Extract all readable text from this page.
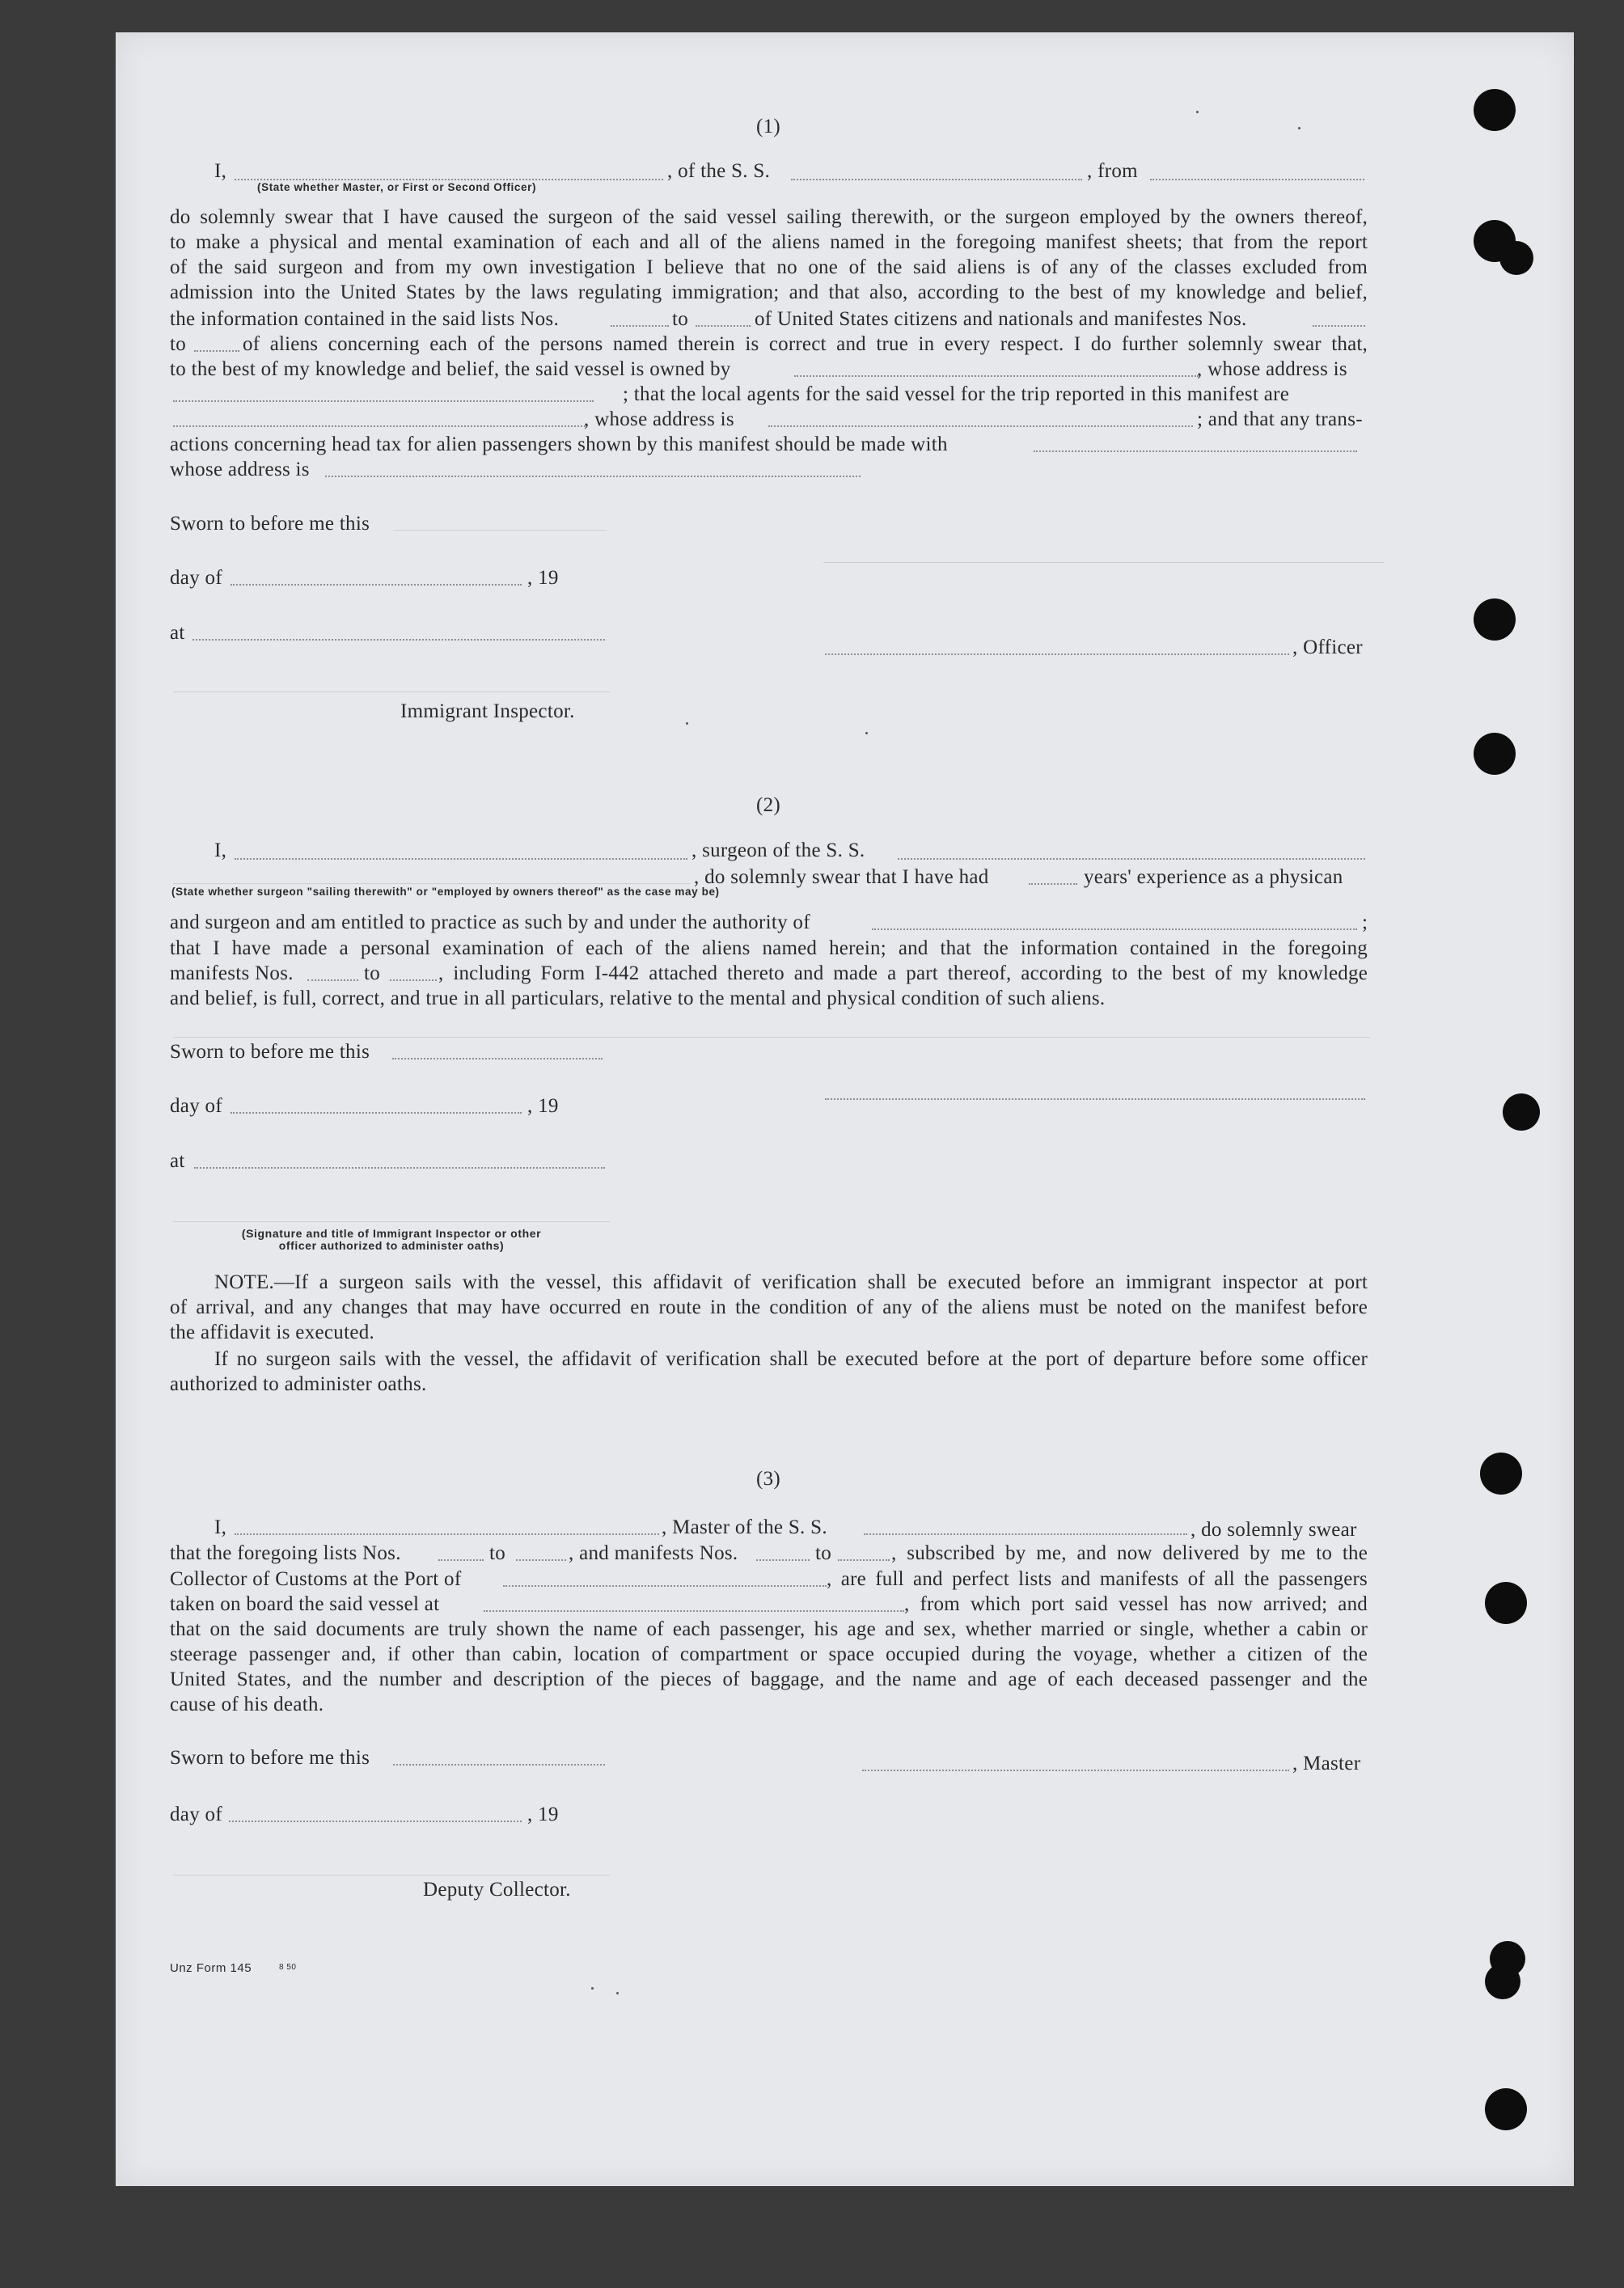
(1)
I,	, of the S. S.	, from
(State whether Master, or First or Second Officer)
do solemnly swear that I have caused the surgeon of the said vessel sailing therewith, or the surgeon employed by the owners thereof,
to make a physical and mental examination of each and all of the aliens named in the foregoing manifest sheets; that from the report
of the said surgeon and from my own investigation I believe that no one of the said aliens is of any of the classes excluded from
admission into the United States by the laws regulating immigration; and that also, according to the best of my knowledge and belief,
the information contained in the said lists Nos.	to	of United States citizens and nationals and manifestes Nos.
to	of aliens concerning each of the persons named therein is correct and true in every respect. I do further solemnly swear that,
to the best of my knowledge and belief, the said vessel is owned by	, whose address is
; that the local agents for the said vessel for the trip reported in this manifest are
, whose address is	; and that any trans-
actions concerning head tax for alien passengers shown by this manifest should be made with
whose address is
Sworn to before me this
day of	, 19
at
, Officer
Immigrant Inspector.
(2)
I,	, surgeon of the S. S.
, do solemnly swear that I have had	years' experience as a physican
(State whether surgeon "sailing therewith" or "employed by owners thereof" as the case may be)
and surgeon and am entitled to practice as such by and under the authority of	;
that I have made a personal examination of each of the aliens named herein; and that the information contained in the foregoing
manifests Nos.	to	, including Form I-442 attached thereto and made a part thereof, according to the best of my knowledge
and belief, is full, correct, and true in all particulars, relative to the mental and physical condition of such aliens.
Sworn to before me this
day of	, 19
at
(Signature and title of Immigrant Inspector or other
officer authorized to administer oaths)
NOTE.—If a surgeon sails with the vessel, this affidavit of verification shall be executed before an immigrant inspector at port
of arrival, and any changes that may have occurred en route in the condition of any of the aliens must be noted on the manifest before
the affidavit is executed.
If no surgeon sails with the vessel, the affidavit of verification shall be executed before at the port of departure before some officer
authorized to administer oaths.
(3)
I,	, Master of the S. S.	, do solemnly swear
that the foregoing lists Nos.	to	, and manifests Nos.	to	, subscribed by me, and now delivered by me to the
Collector of Customs at the Port of	, are full and perfect lists and manifests of all the passengers
taken on board the said vessel at	, from which port said vessel has now arrived; and
that on the said documents are truly shown the name of each passenger, his age and sex, whether married or single, whether a cabin or
steerage passenger and, if other than cabin, location of compartment or space occupied during the voyage, whether a citizen of the
United States, and the number and description of the pieces of baggage, and the name and age of each deceased passenger and the
cause of his death.
Sworn to before me this	, Master
day of	, 19
Deputy Collector.
Unz Form 145	8 50
